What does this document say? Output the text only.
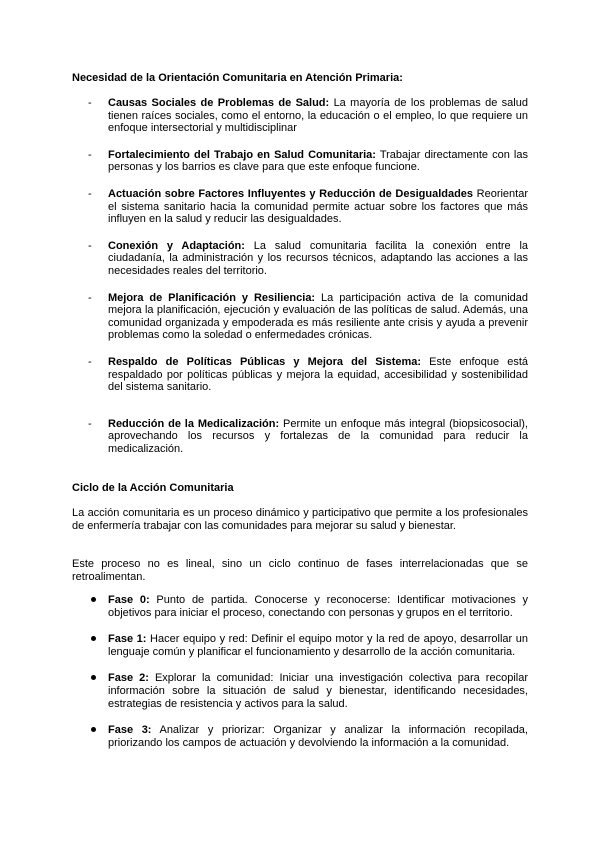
Necesidad de la Orientación Comunitaria en Atención Primaria:
- Causas Sociales de Problemas de Salud: La mayoría de los problemas de salud tienen raíces sociales, como el entorno, la educación o el empleo, lo que requiere un enfoque intersectorial y multidisciplinar
- Fortalecimiento del Trabajo en Salud Comunitaria: Trabajar directamente con las personas y los barrios es clave para que este enfoque funcione.
- Actuación sobre Factores Influyentes y Reducción de Desigualdades Reorientar el sistema sanitario hacia la comunidad permite actuar sobre los factores que más influyen en la salud y reducir las desigualdades.
- Conexión y Adaptación: La salud comunitaria facilita la conexión entre la ciudadanía, la administración y los recursos técnicos, adaptando las acciones a las necesidades reales del territorio.
- Mejora de Planificación y Resiliencia: La participación activa de la comunidad mejora la planificación, ejecución y evaluación de las políticas de salud. Además, una comunidad organizada y empoderada es más resiliente ante crisis y ayuda a prevenir problemas como la soledad o enfermedades crónicas.
- Respaldo de Políticas Públicas y Mejora del Sistema: Este enfoque está respaldado por políticas públicas y mejora la equidad, accesibilidad y sostenibilidad del sistema sanitario.
- Reducción de la Medicalización: Permite un enfoque más integral (biopsicosocial), aprovechando los recursos y fortalezas de la comunidad para reducir la medicalización.
Ciclo de la Acción Comunitaria
La acción comunitaria es un proceso dinámico y participativo que permite a los profesionales de enfermería trabajar con las comunidades para mejorar su salud y bienestar.
Este proceso no es lineal, sino un ciclo continuo de fases interrelacionadas que se retroalimentan.
Fase 0: Punto de partida. Conocerse y reconocerse: Identificar motivaciones y objetivos para iniciar el proceso, conectando con personas y grupos en el territorio.
Fase 1: Hacer equipo y red: Definir el equipo motor y la red de apoyo, desarrollar un lenguaje común y planificar el funcionamiento y desarrollo de la acción comunitaria.
Fase 2: Explorar la comunidad: Iniciar una investigación colectiva para recopilar información sobre la situación de salud y bienestar, identificando necesidades, estrategias de resistencia y activos para la salud.
Fase 3: Analizar y priorizar: Organizar y analizar la información recopilada, priorizando los campos de actuación y devolviendo la información a la comunidad.
